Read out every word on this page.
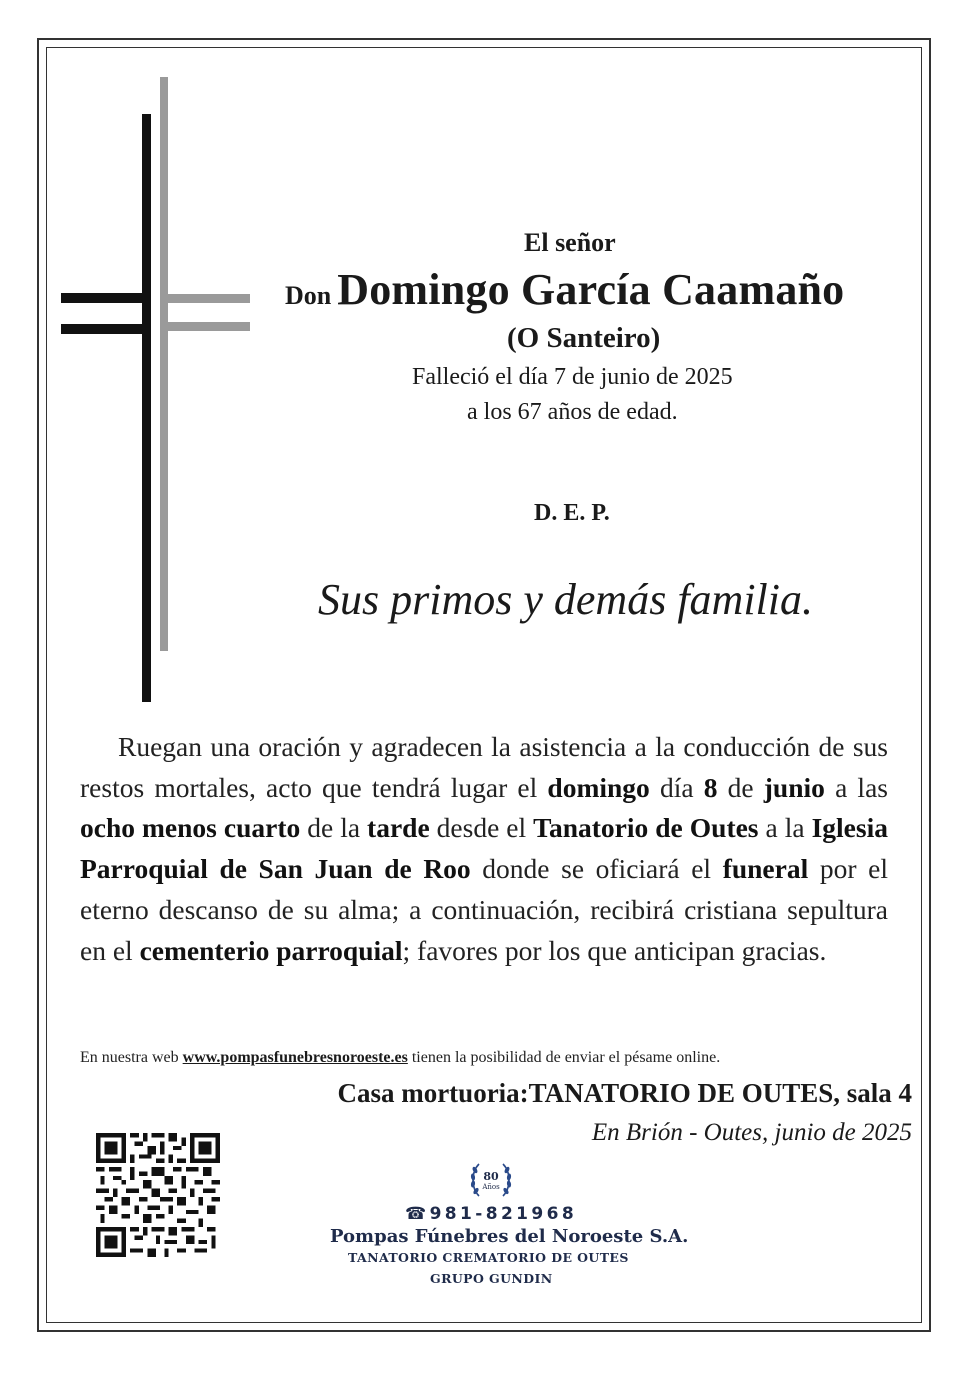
El señor
Don Domingo García Caamaño
(O Santeiro)
Falleció el día 7 de junio de 2025
a los 67 años de edad.
D. E. P.
Sus primos y demás familia.
Ruegan una oración y agradecen la asistencia a la conducción de sus restos mortales, acto que tendrá lugar el domingo día 8 de junio a las ocho menos cuarto de la tarde desde el Tanatorio de Outes a la Iglesia Parroquial de San Juan de Roo donde se oficiará el funeral por el eterno descanso de su alma; a continuación, recibirá cristiana sepultura en el cementerio parroquial; favores por los que anticipan gracias.
En nuestra web www.pompasfunebresnoroeste.es tienen la posibilidad de enviar el pésame online.
Casa mortuoria:TANATORIO DE OUTES, sala 4
En Brión - Outes, junio de 2025
80
Años
☎981-821968
Pompas Fúnebres del Noroeste S.A.
TANATORIO CREMATORIO DE OUTES
GRUPO GUNDIN
